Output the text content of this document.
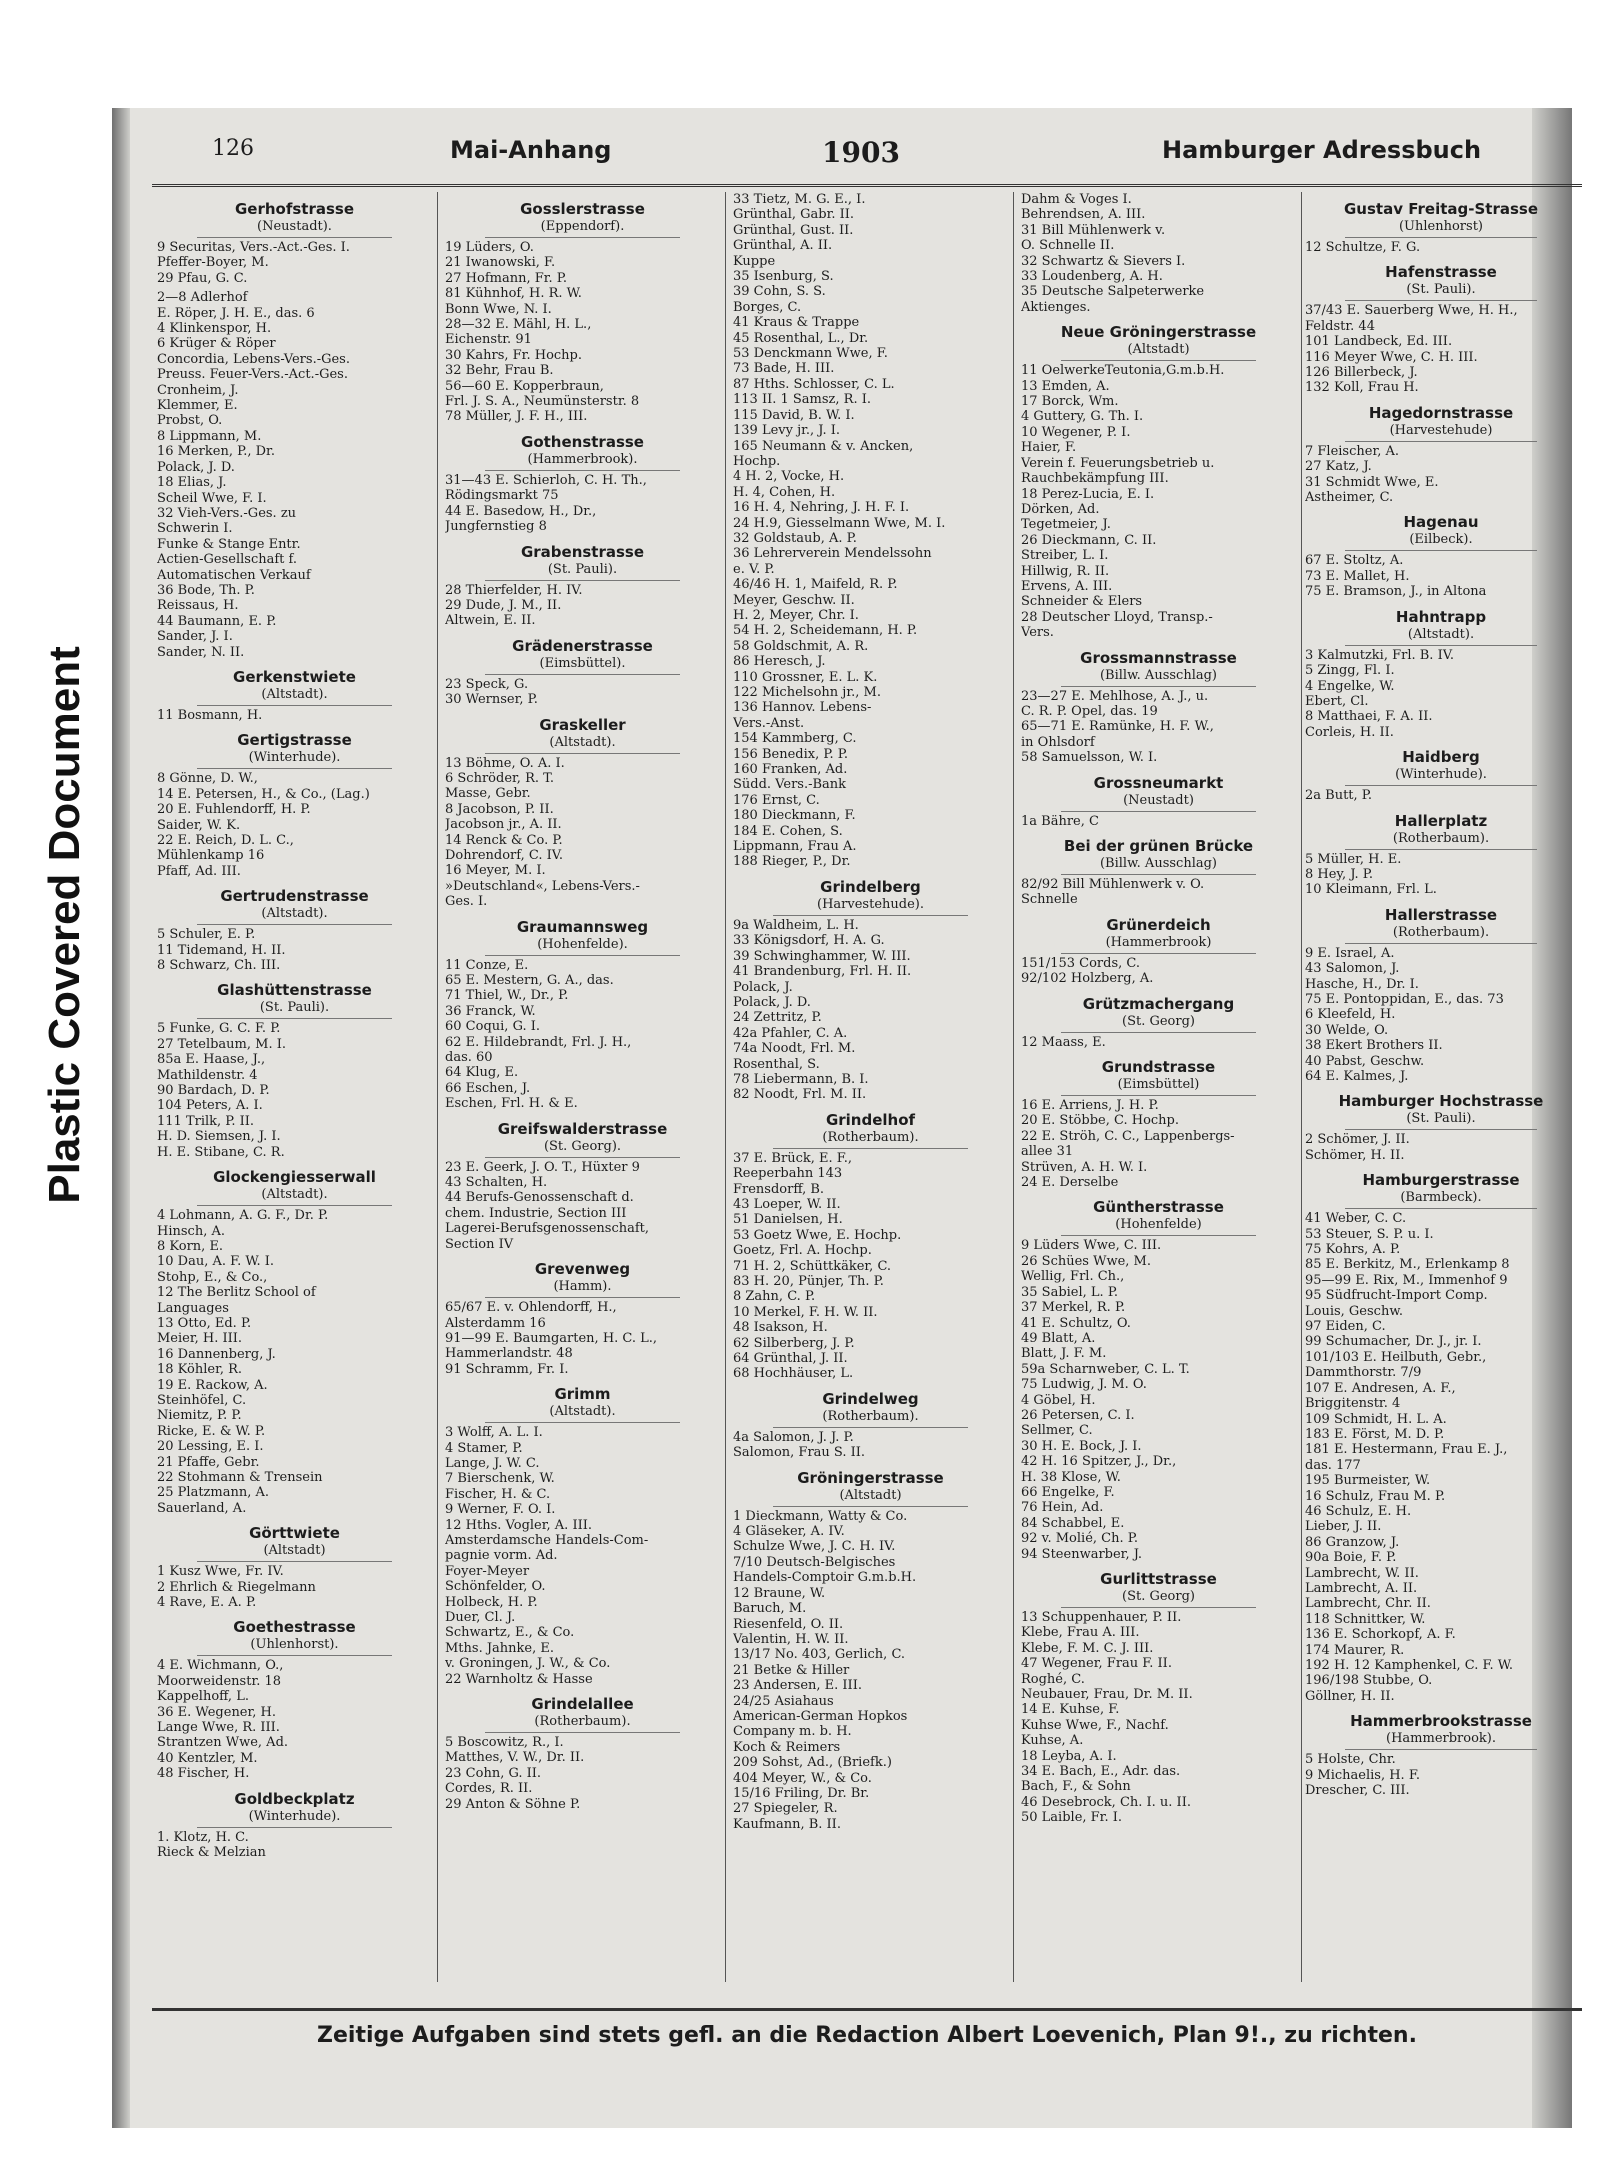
Plastic Covered Document
126	Mai-Anhang	1903	Hamburger Adressbuch
Gerhofstrasse
(Neustadt).
9 Securitas, Vers.-Act.-Ges. I.
Pfeffer-Boyer, M.
29 Pfau, G. C.
2—8 Adlerhof
E. Röper, J. H. E., das. 6
4 Klinkenspor, H.
6 Krüger & Röper
Concordia, Lebens-Vers.-Ges.
Preuss. Feuer-Vers.-Act.-Ges.
Cronheim, J.
Klemmer, E.
Probst, O.
8 Lippmann, M.
16 Merken, P., Dr.
Polack, J. D.
18 Elias, J.
Scheil Wwe, F. I.
32 Vieh-Vers.-Ges. zu
Schwerin I.
Funke & Stange Entr.
Actien-Gesellschaft f.
Automatischen Verkauf
36 Bode, Th. P.
Reissaus, H.
44 Baumann, E. P.
Sander, J. I.
Sander, N. II.
Gerkenstwiete
(Altstadt).
11 Bosmann, H.
Gertigstrasse
(Winterhude).
8 Gönne, D. W.,
14 E. Petersen, H., & Co., (Lag.)
20 E. Fuhlendorff, H. P.
Saider, W. K.
22 E. Reich, D. L. C.,
Mühlenkamp 16
Pfaff, Ad. III.
Gertrudenstrasse
(Altstadt).
5 Schuler, E. P.
11 Tidemand, H. II.
8 Schwarz, Ch. III.
Glashüttenstrasse
(St. Pauli).
5 Funke, G. C. F. P.
27 Tetelbaum, M. I.
85a E. Haase, J.,
Mathildenstr. 4
90 Bardach, D. P.
104 Peters, A. I.
111 Trilk, P. II.
H. D. Siemsen, J. I.
H. E. Stibane, C. R.
Glockengiesserwall
(Altstadt).
4 Lohmann, A. G. F., Dr. P.
Hinsch, A.
8 Korn, E.
10 Dau, A. F. W. I.
Stohp, E., & Co.,
12 The Berlitz School of
Languages
13 Otto, Ed. P.
Meier, H. III.
16 Dannenberg, J.
18 Köhler, R.
19 E. Rackow, A.
Steinhöfel, C.
Niemitz, P. P.
Ricke, E. & W. P.
20 Lessing, E. I.
21 Pfaffe, Gebr.
22 Stohmann & Trensein
25 Platzmann, A.
Sauerland, A.
Görttwiete
(Altstadt)
1 Kusz Wwe, Fr. IV.
2 Ehrlich & Riegelmann
4 Rave, E. A. P.
Goethestrasse
(Uhlenhorst).
4 E. Wichmann, O.,
Moorweidenstr. 18
Kappelhoff, L.
36 E. Wegener, H.
Lange Wwe, R. III.
Strantzen Wwe, Ad.
40 Kentzler, M.
48 Fischer, H.
Goldbeckplatz
(Winterhude).
1. Klotz, H. C.
Rieck & Melzian
Gosslerstrasse
(Eppendorf).
19 Lüders, O.
21 Iwanowski, F.
27 Hofmann, Fr. P.
81 Kühnhof, H. R. W.
Bonn Wwe, N. I.
28—32 E. Mähl, H. L.,
Eichenstr. 91
30 Kahrs, Fr. Hochp.
32 Behr, Frau B.
56—60 E. Kopperbraun,
Frl. J. S. A., Neumünsterstr. 8
78 Müller, J. F. H., III.
Gothenstrasse
(Hammerbrook).
31—43 E. Schierloh, C. H. Th.,
Rödingsmarkt 75
44 E. Basedow, H., Dr.,
Jungfernstieg 8
Grabenstrasse
(St. Pauli).
28 Thierfelder, H. IV.
29 Dude, J. M., II.
Altwein, E. II.
Grädenerstrasse
(Eimsbüttel).
23 Speck, G.
30 Wernser, P.
Graskeller
(Altstadt).
13 Böhme, O. A. I.
6 Schröder, R. T.
Masse, Gebr.
8 Jacobson, P. II.
Jacobson jr., A. II.
14 Renck & Co. P.
Dohrendorf, C. IV.
16 Meyer, M. I.
»Deutschland«, Lebens-Vers.-
Ges. I.
Graumannsweg
(Hohenfelde).
11 Conze, E.
65 E. Mestern, G. A., das.
71 Thiel, W., Dr., P.
36 Franck, W.
60 Coqui, G. I.
62 E. Hildebrandt, Frl. J. H.,
das. 60
64 Klug, E.
66 Eschen, J.
Eschen, Frl. H. & E.
Greifswalderstrasse
(St. Georg).
23 E. Geerk, J. O. T., Hüxter 9
43 Schalten, H.
44 Berufs-Genossenschaft d.
chem. Industrie, Section III
Lagerei-Berufsgenossenschaft,
Section IV
Grevenweg
(Hamm).
65/67 E. v. Ohlendorff, H.,
Alsterdamm 16
91—99 E. Baumgarten, H. C. L.,
Hammerlandstr. 48
91 Schramm, Fr. I.
Grimm
(Altstadt).
3 Wolff, A. L. I.
4 Stamer, P.
Lange, J. W. C.
7 Bierschenk, W.
Fischer, H. & C.
9 Werner, F. O. I.
12 Hths. Vogler, A. III.
Amsterdamsche Handels-Com-
pagnie vorm. Ad.
Foyer-Meyer
Schönfelder, O.
Holbeck, H. P.
Duer, Cl. J.
Schwartz, E., & Co.
Mths. Jahnke, E.
v. Groningen, J. W., & Co.
22 Warnholtz & Hasse
Grindelallee
(Rotherbaum).
5 Boscowitz, R., I.
Matthes, V. W., Dr. II.
23 Cohn, G. II.
Cordes, R. II.
29 Anton & Söhne P.
33 Tietz, M. G. E., I.
Grünthal, Gabr. II.
Grünthal, Gust. II.
Grünthal, A. II.
Kuppe
35 Isenburg, S.
39 Cohn, S. S.
Borges, C.
41 Kraus & Trappe
45 Rosenthal, L., Dr.
53 Denckmann Wwe, F.
73 Bade, H. III.
87 Hths. Schlosser, C. L.
113 II. 1 Samsz, R. I.
115 David, B. W. I.
139 Levy jr., J. I.
165 Neumann & v. Ancken,
Hochp.
4 H. 2, Vocke, H.
H. 4, Cohen, H.
16 H. 4, Nehring, J. H. F. I.
24 H.9, Giesselmann Wwe, M. I.
32 Goldstaub, A. P.
36 Lehrerverein Mendelssohn
e. V. P.
46/46 H. 1, Maifeld, R. P.
Meyer, Geschw. II.
H. 2, Meyer, Chr. I.
54 H. 2, Scheidemann, H. P.
58 Goldschmit, A. R.
86 Heresch, J.
110 Grossner, E. L. K.
122 Michelsohn jr., M.
136 Hannov. Lebens-
Vers.-Anst.
154 Kammberg, C.
156 Benedix, P. P.
160 Franken, Ad.
Südd. Vers.-Bank
176 Ernst, C.
180 Dieckmann, F.
184 E. Cohen, S.
Lippmann, Frau A.
188 Rieger, P., Dr.
Grindelberg
(Harvestehude).
9a Waldheim, L. H.
33 Königsdorf, H. A. G.
39 Schwinghammer, W. III.
41 Brandenburg, Frl. H. II.
Polack, J.
Polack, J. D.
24 Zettritz, P.
42a Pfahler, C. A.
74a Noodt, Frl. M.
Rosenthal, S.
78 Liebermann, B. I.
82 Noodt, Frl. M. II.
Grindelhof
(Rotherbaum).
37 E. Brück, E. F.,
Reeperbahn 143
Frensdorff, B.
43 Loeper, W. II.
51 Danielsen, H.
53 Goetz Wwe, E. Hochp.
Goetz, Frl. A. Hochp.
71 H. 2, Schüttkäker, C.
83 H. 20, Pünjer, Th. P.
8 Zahn, C. P.
10 Merkel, F. H. W. II.
48 Isakson, H.
62 Silberberg, J. P.
64 Grünthal, J. II.
68 Hochhäuser, L.
Grindelweg
(Rotherbaum).
4a Salomon, J. J. P.
Salomon, Frau S. II.
Gröningerstrasse
(Altstadt)
1 Dieckmann, Watty & Co.
4 Gläseker, A. IV.
Schulze Wwe, J. C. H. IV.
7/10 Deutsch-Belgisches
Handels-Comptoir G.m.b.H.
12 Braune, W.
Baruch, M.
Riesenfeld, O. II.
Valentin, H. W. II.
13/17 No. 403, Gerlich, C.
21 Betke & Hiller
23 Andersen, E. III.
24/25 Asiahaus
American-German Hopkos
Company m. b. H.
Koch & Reimers
209 Sohst, Ad., (Briefk.)
404 Meyer, W., & Co.
15/16 Friling, Dr. Br.
27 Spiegeler, R.
Kaufmann, B. II.
Dahm & Voges I.
Behrendsen, A. III.
31 Bill Mühlenwerk v.
O. Schnelle II.
32 Schwartz & Sievers I.
33 Loudenberg, A. H.
35 Deutsche Salpeterwerke
Aktienges.
Neue Gröningerstrasse
(Altstadt)
11 OelwerkeTeutonia,G.m.b.H.
13 Emden, A.
17 Borck, Wm.
4 Guttery, G. Th. I.
10 Wegener, P. I.
Haier, F.
Verein f. Feuerungsbetrieb u.
Rauchbekämpfung III.
18 Perez-Lucia, E. I.
Dörken, Ad.
Tegetmeier, J.
26 Dieckmann, C. II.
Streiber, L. I.
Hillwig, R. II.
Ervens, A. III.
Schneider & Elers
28 Deutscher Lloyd, Transp.-
Vers.
Grossmannstrasse
(Billw. Ausschlag)
23—27 E. Mehlhose, A. J., u.
C. R. P. Opel, das. 19
65—71 E. Ramünke, H. F. W.,
in Ohlsdorf
58 Samuelsson, W. I.
Grossneumarkt
(Neustadt)
1a Bähre, C
Bei der grünen Brücke
(Billw. Ausschlag)
82/92 Bill Mühlenwerk v. O.
Schnelle
Grünerdeich
(Hammerbrook)
151/153 Cords, C.
92/102 Holzberg, A.
Grützmachergang
(St. Georg)
12 Maass, E.
Grundstrasse
(Eimsbüttel)
16 E. Arriens, J. H. P.
20 E. Stöbbe, C. Hochp.
22 E. Ströh, C. C., Lappenbergs-
allee 31
Strüven, A. H. W. I.
24 E. Derselbe
Güntherstrasse
(Hohenfelde)
9 Lüders Wwe, C. III.
26 Schües Wwe, M.
Wellig, Frl. Ch.,
35 Sabiel, L. P.
37 Merkel, R. P.
41 E. Schultz, O.
49 Blatt, A.
Blatt, J. F. M.
59a Scharnweber, C. L. T.
75 Ludwig, J. M. O.
4 Göbel, H.
26 Petersen, C. I.
Sellmer, C.
30 H. E. Bock, J. I.
42 H. 16 Spitzer, J., Dr.,
H. 38 Klose, W.
66 Engelke, F.
76 Hein, Ad.
84 Schabbel, E.
92 v. Molié, Ch. P.
94 Steenwarber, J.
Gurlittstrasse
(St. Georg)
13 Schuppenhauer, P. II.
Klebe, Frau A. III.
Klebe, F. M. C. J. III.
47 Wegener, Frau F. II.
Roghé, C.
Neubauer, Frau, Dr. M. II.
14 E. Kuhse, F.
Kuhse Wwe, F., Nachf.
Kuhse, A.
18 Leyba, A. I.
34 E. Bach, E., Adr. das.
Bach, F., & Sohn
46 Desebrock, Ch. I. u. II.
50 Laible, Fr. I.
Gustav Freitag-Strasse
(Uhlenhorst)
12 Schultze, F. G.
Hafenstrasse
(St. Pauli).
37/43 E. Sauerberg Wwe, H. H.,
Feldstr. 44
101 Landbeck, Ed. III.
116 Meyer Wwe, C. H. III.
126 Billerbeck, J.
132 Koll, Frau H.
Hagedornstrasse
(Harvestehude)
7 Fleischer, A.
27 Katz, J.
31 Schmidt Wwe, E.
Astheimer, C.
Hagenau
(Eilbeck).
67 E. Stoltz, A.
73 E. Mallet, H.
75 E. Bramson, J., in Altona
Hahntrapp
(Altstadt).
3 Kalmutzki, Frl. B. IV.
5 Zingg, Fl. I.
4 Engelke, W.
Ebert, Cl.
8 Matthaei, F. A. II.
Corleis, H. II.
Haidberg
(Winterhude).
2a Butt, P.
Hallerplatz
(Rotherbaum).
5 Müller, H. E.
8 Hey, J. P.
10 Kleimann, Frl. L.
Hallerstrasse
(Rotherbaum).
9 E. Israel, A.
43 Salomon, J.
Hasche, H., Dr. I.
75 E. Pontoppidan, E., das. 73
6 Kleefeld, H.
30 Welde, O.
38 Ekert Brothers II.
40 Pabst, Geschw.
64 E. Kalmes, J.
Hamburger Hochstrasse
(St. Pauli).
2 Schömer, J. II.
Schömer, H. II.
Hamburgerstrasse
(Barmbeck).
41 Weber, C. C.
53 Steuer, S. P. u. I.
75 Kohrs, A. P.
85 E. Berkitz, M., Erlenkamp 8
95—99 E. Rix, M., Immenhof 9
95 Südfrucht-Import Comp.
Louis, Geschw.
97 Eiden, C.
99 Schumacher, Dr. J., jr. I.
101/103 E. Heilbuth, Gebr.,
Dammthorstr. 7/9
107 E. Andresen, A. F.,
Briggitenstr. 4
109 Schmidt, H. L. A.
183 E. Först, M. D. P.
181 E. Hestermann, Frau E. J.,
das. 177
195 Burmeister, W.
16 Schulz, Frau M. P.
46 Schulz, E. H.
Lieber, J. II.
86 Granzow, J.
90a Boie, F. P.
Lambrecht, W. II.
Lambrecht, A. II.
Lambrecht, Chr. II.
118 Schnittker, W.
136 E. Schorkopf, A. F.
174 Maurer, R.
192 H. 12 Kamphenkel, C. F. W.
196/198 Stubbe, O.
Göllner, H. II.
Hammerbrookstrasse
(Hammerbrook).
5 Holste, Chr.
9 Michaelis, H. F.
Drescher, C. III.
Zeitige Aufgaben sind stets gefl. an die Redaction Albert Loevenich, Plan 9!., zu richten.
